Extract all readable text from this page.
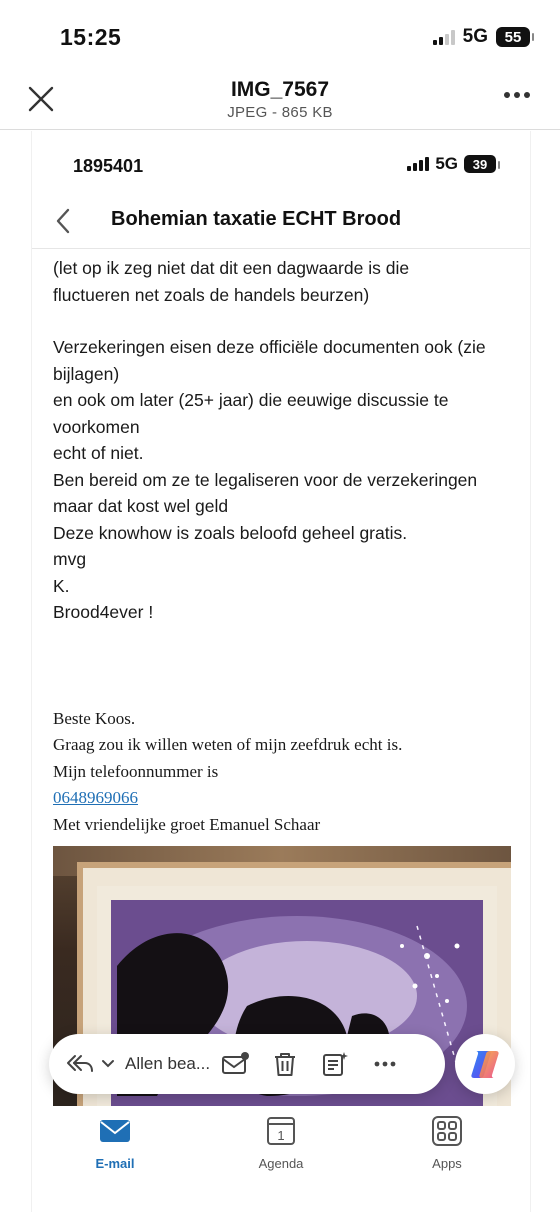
15:25	5G	55
IMG_7567
JPEG - 865 KB
1895401	5G	39
Bohemian taxatie ECHT Brood

(let op ik zeg niet dat dit een dagwaarde is die

fluctueren net zoals de handels beurzen)

Verzekeringen eisen deze officiële documenten ook (zie

bijlagen)

en ook om later (25+ jaar) die eeuwige discussie te

voorkomen

echt of niet.

Ben bereid om ze te legaliseren voor de verzekeringen

maar dat kost wel geld

Deze knowhow is zoals beloofd geheel gratis.

mvg

K.

Brood4ever !

Beste Koos.

Graag zou ik willen weten of mijn zeefdruk echt is.

Mijn telefoonnummer is

0648969066

Met vriendelijke groet Emanuel Schaar

Allen bea...
E-mail
1
Agenda	Apps
